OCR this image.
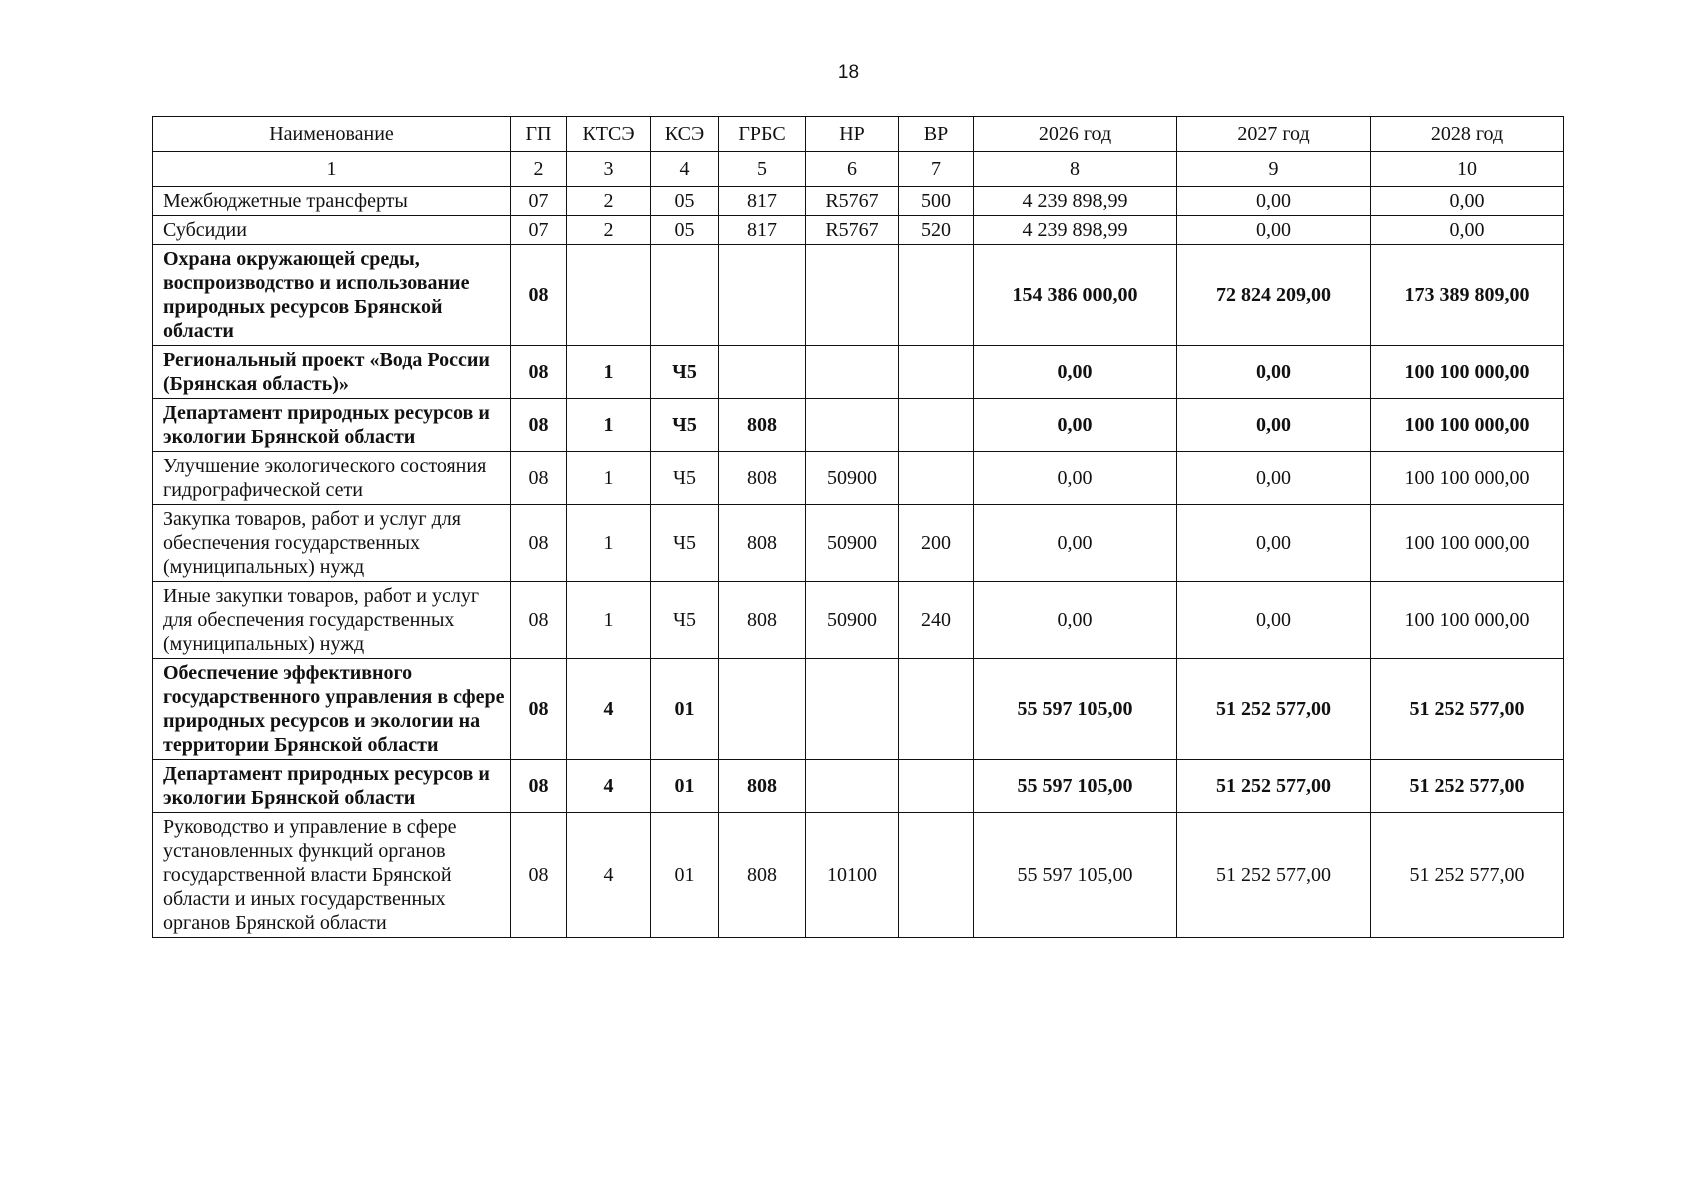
18
Наименование	ГП	КТСЭ	КСЭ	ГРБС	НР	ВР	2026 год	2027 год	2028 год
1	2	3	4	5	6	7	8	9	10
Межбюджетные трансферты	07	2	05	817	R5767	500	4 239 898,99	0,00	0,00
Субсидии	07	2	05	817	R5767	520	4 239 898,99	0,00	0,00
Охрана окружающей среды, воспроизводство и использование природных ресурсов Брянской области	08						154 386 000,00	72 824 209,00	173 389 809,00
Региональный проект «Вода России (Брянская область)»	08	1	Ч5				0,00	0,00	100 100 000,00
Департамент природных ресурсов и экологии Брянской области	08	1	Ч5	808			0,00	0,00	100 100 000,00
Улучшение экологического состояния гидрографической сети	08	1	Ч5	808	50900		0,00	0,00	100 100 000,00
Закупка товаров, работ и услуг для обеспечения государственных (муниципальных) нужд	08	1	Ч5	808	50900	200	0,00	0,00	100 100 000,00
Иные закупки товаров, работ и услуг для обеспечения государственных (муниципальных) нужд	08	1	Ч5	808	50900	240	0,00	0,00	100 100 000,00
Обеспечение эффективного государственного управления в сфере природных ресурсов и экологии на территории Брянской области	08	4	01				55 597 105,00	51 252 577,00	51 252 577,00
Департамент природных ресурсов и экологии Брянской области	08	4	01	808			55 597 105,00	51 252 577,00	51 252 577,00
Руководство и управление в сфере установленных функций органов государственной власти Брянской области и иных государственных органов Брянской области	08	4	01	808	10100		55 597 105,00	51 252 577,00	51 252 577,00
